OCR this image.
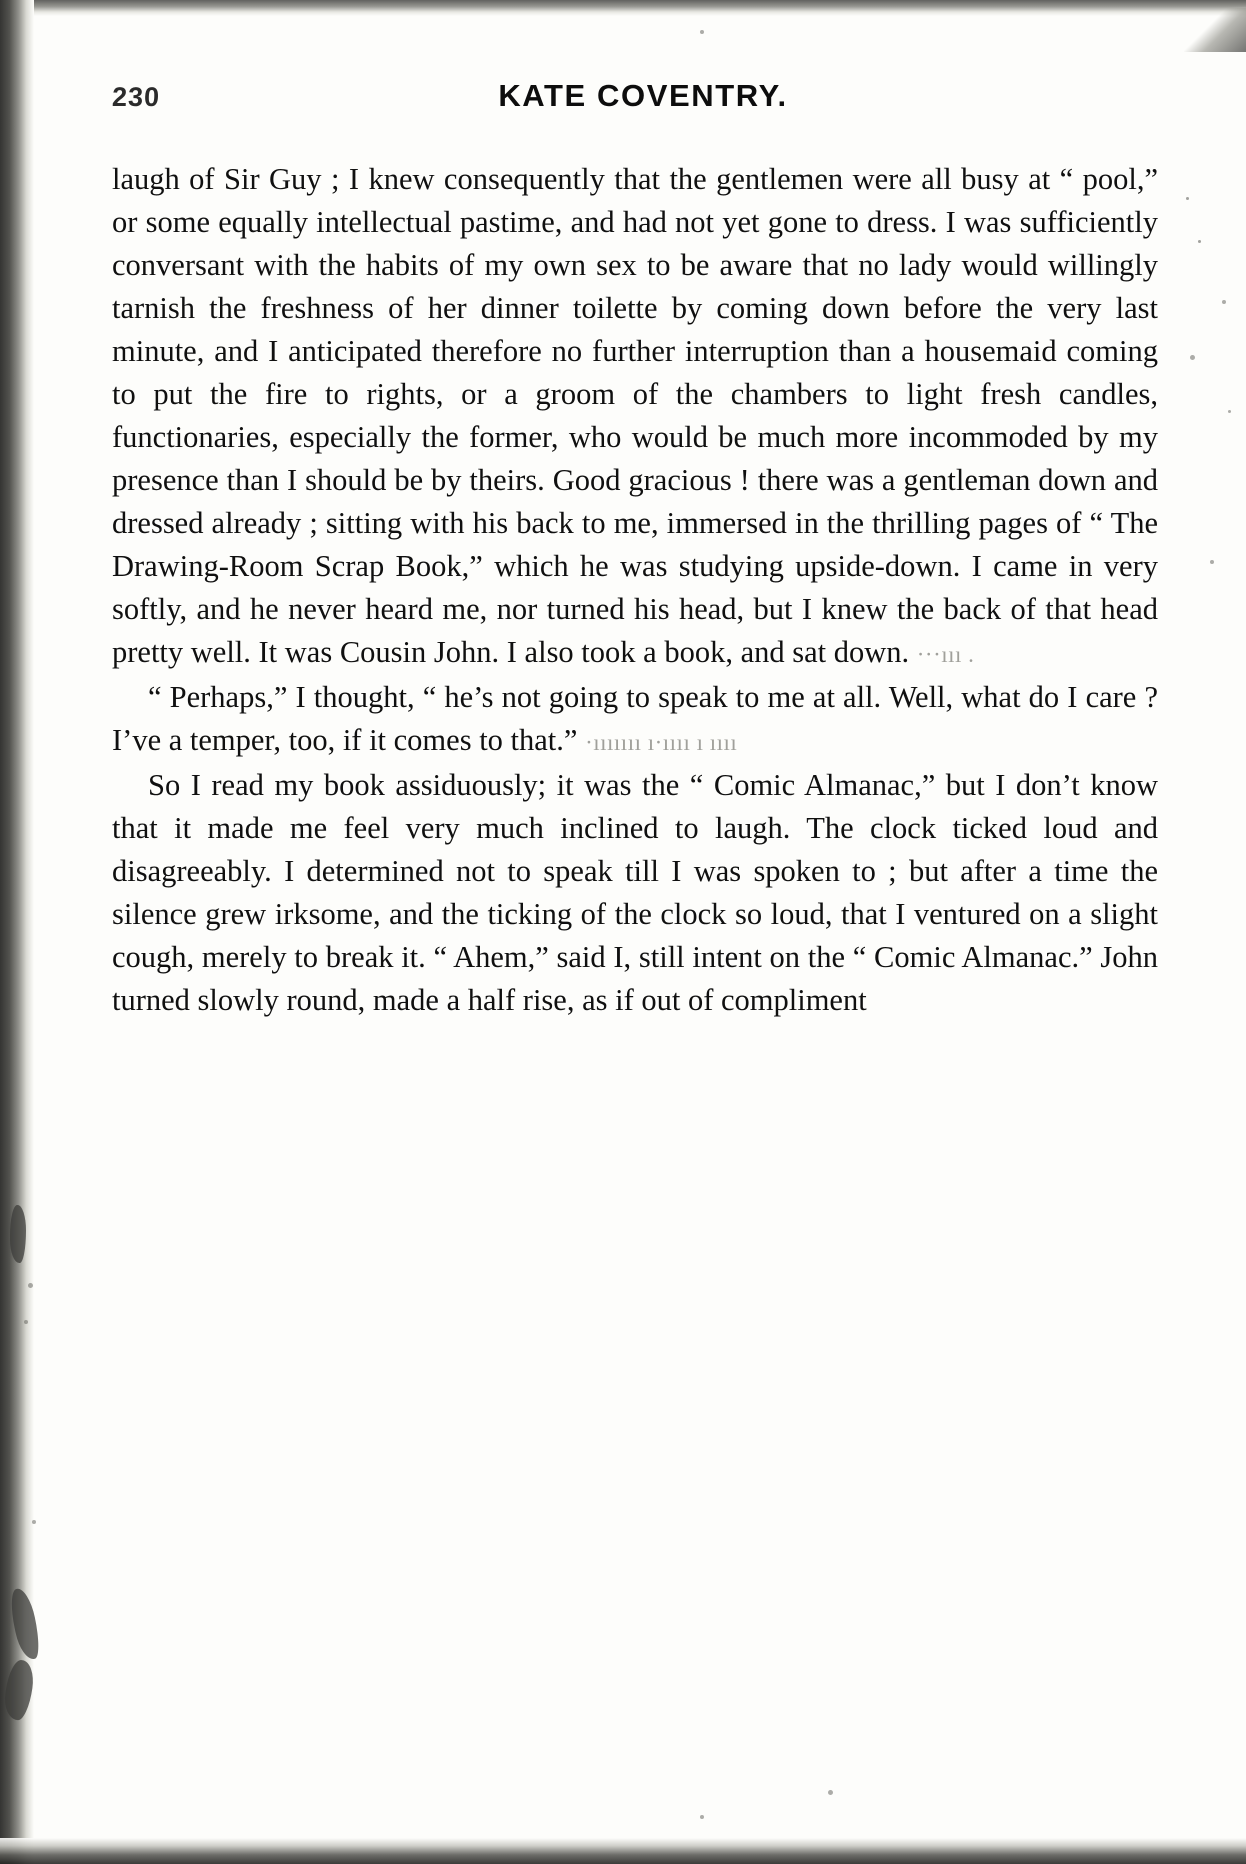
230	KATE COVENTRY.

laugh of Sir Guy ; I knew consequently that the gentlemen were all busy at “ pool,” or some equally intellectual pastime, and had not yet gone to dress. I was sufficiently conversant with the habits of my own sex to be aware that no lady would willingly tarnish the freshness of her dinner toilette by coming down before the very last minute, and I anticipated therefore no further interruption than a housemaid coming to put the fire to rights, or a groom of the chambers to light fresh candles, functionaries, especially the former, who would be much more incommoded by my presence than I should be by theirs. Good gracious ! there was a gentleman down and dressed already ; sitting with his back to me, immersed in the thrilling pages of “ The Drawing-Room Scrap Book,” which he was studying upside-down. I came in very softly, and he never heard me, nor turned his head, but I knew the back of that head pretty well. It was Cousin John. I also took a book, and sat down. ···ııı .

“ Perhaps,” I thought, “ he’s not going to speak to me at all. Well, what do I care ? I’ve a temper, too, if it comes to that.” ·ııııııı ı·ıııı ı ıııı

So I read my book assiduously; it was the “ Comic Almanac,” but I don’t know that it made me feel very much inclined to laugh. The clock ticked loud and disagreeably. I determined not to speak till I was spoken to ; but after a time the silence grew irksome, and the ticking of the clock so loud, that I ventured on a slight cough, merely to break it. “ Ahem,” said I, still intent on the “ Comic Almanac.” John turned slowly round, made a half rise, as if out of compliment
